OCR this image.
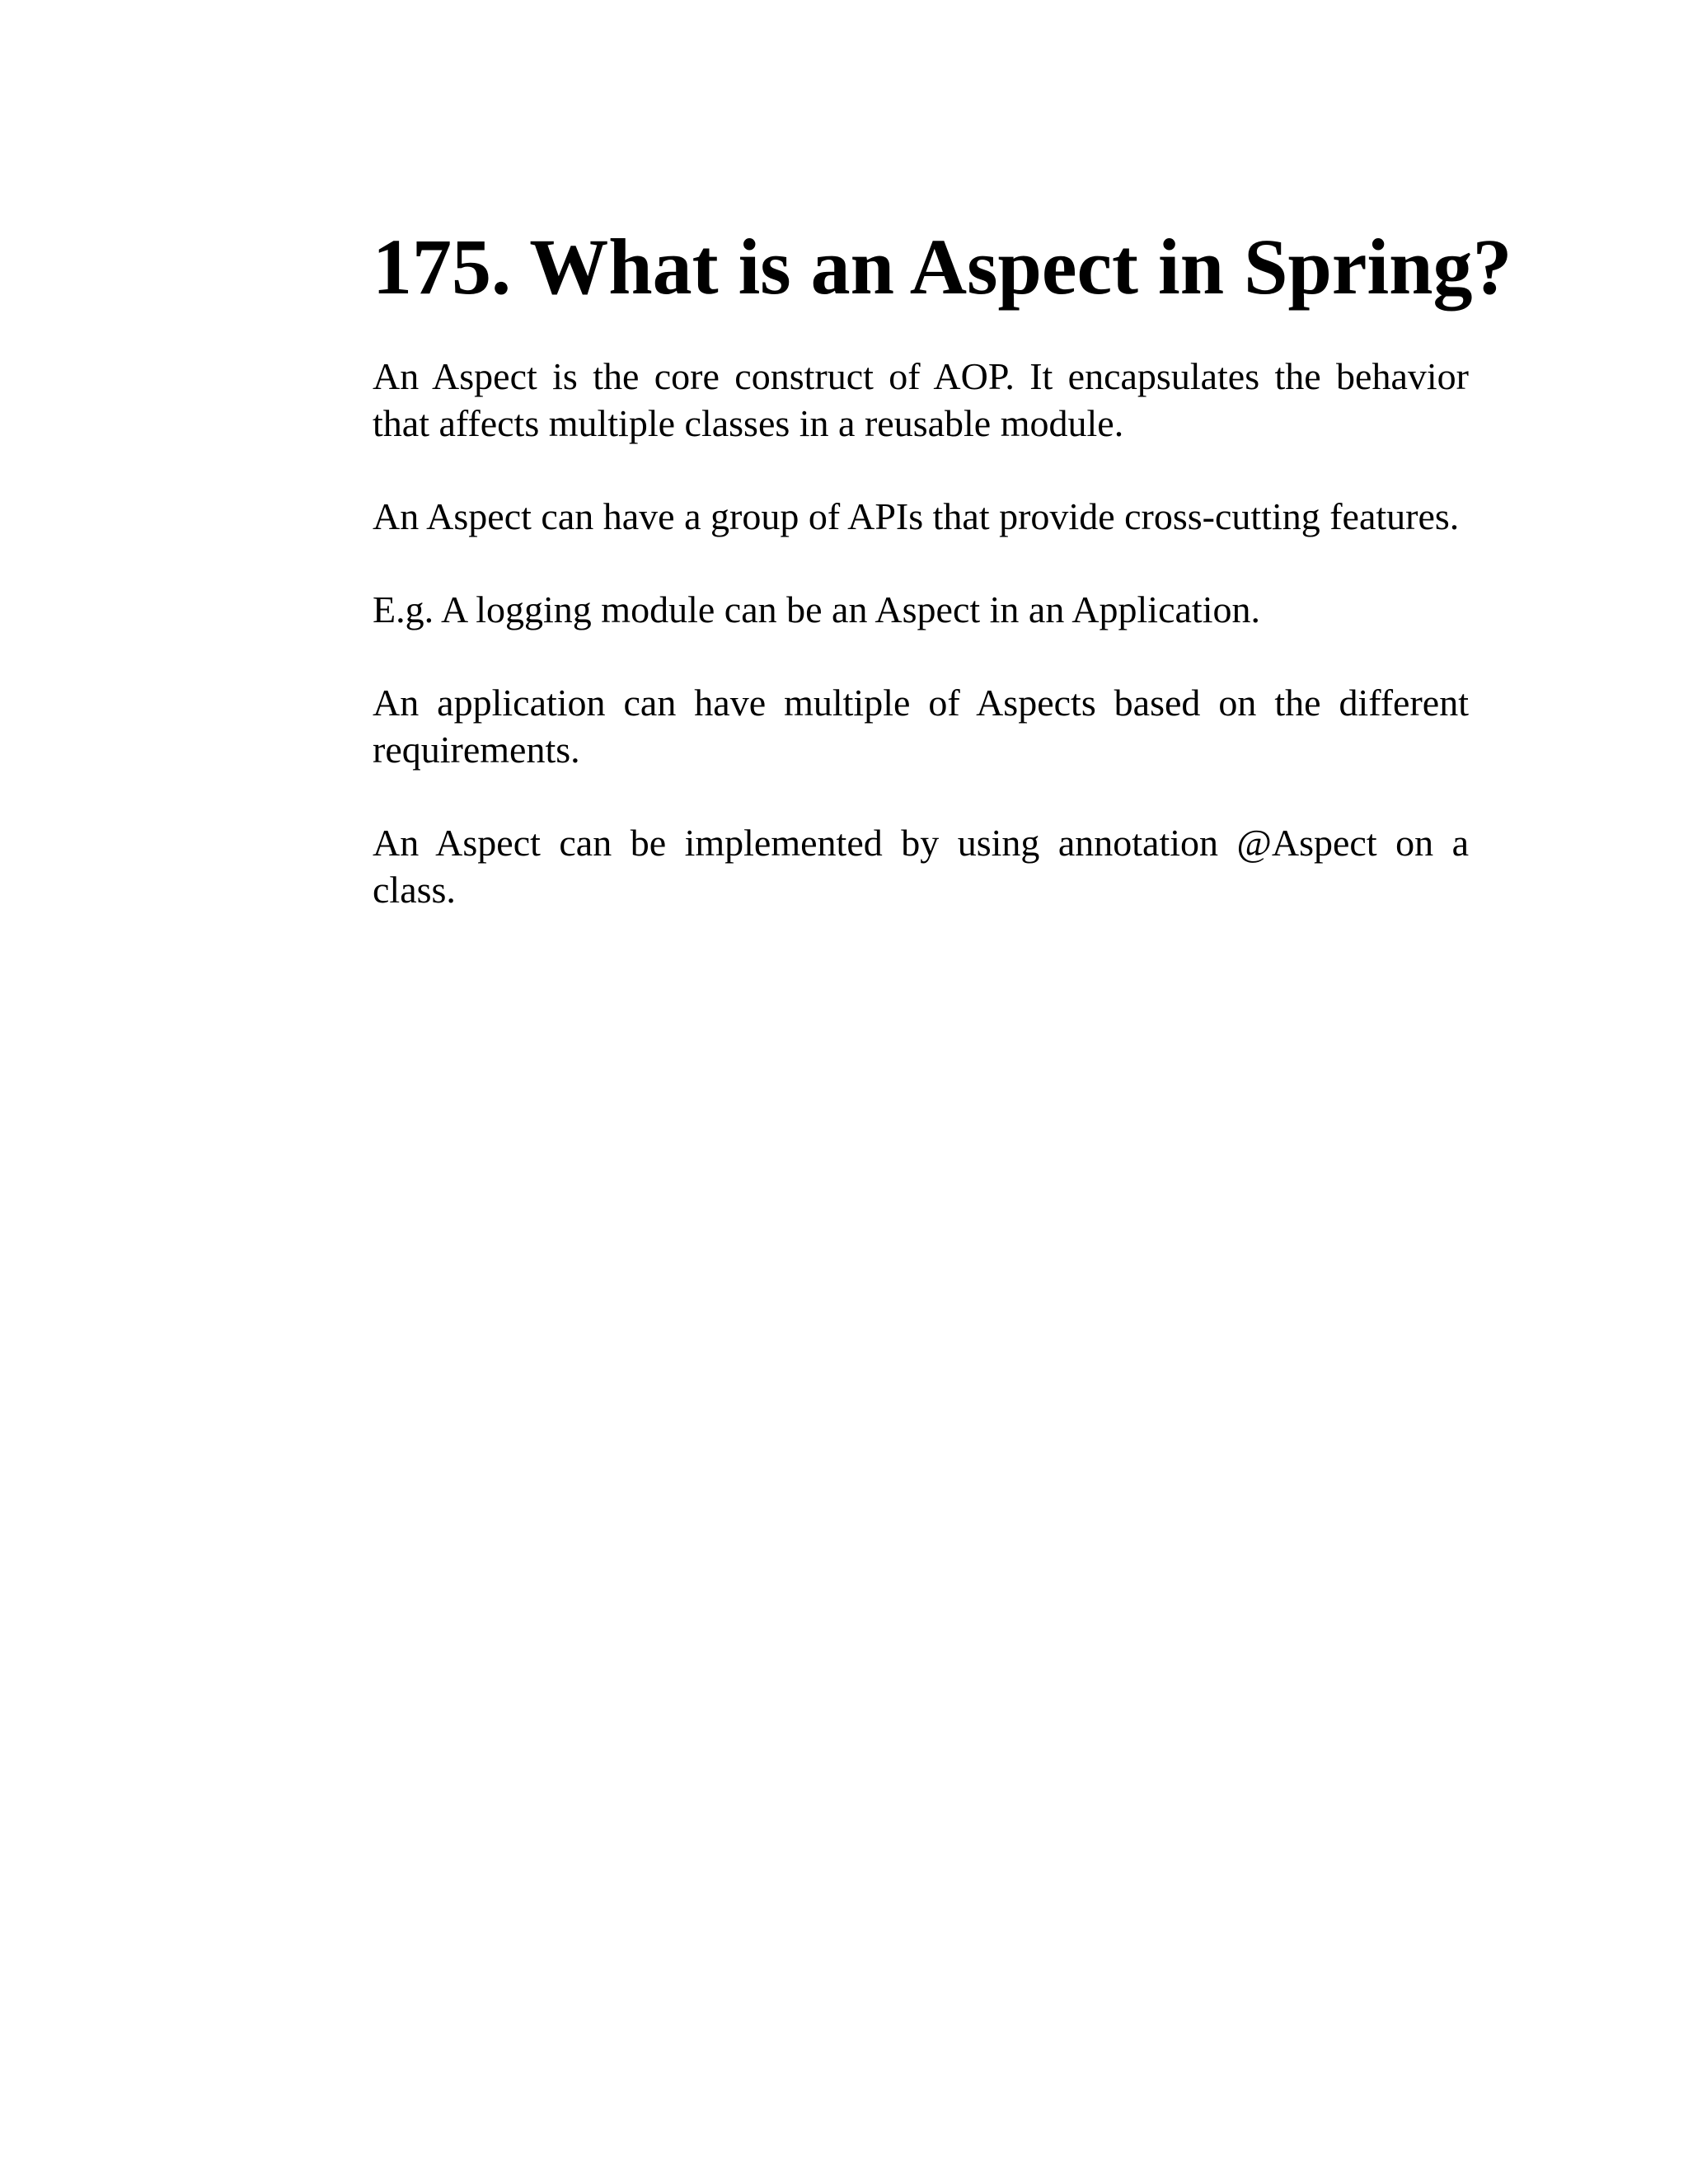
175. What is an Aspect in Spring?

An Aspect is the core construct of AOP. It encapsulates the behavior that affects multiple classes in a reusable module.

An Aspect can have a group of APIs that provide cross-cutting features.

E.g. A logging module can be an Aspect in an Application.

An application can have multiple of Aspects based on the different requirements.

An Aspect can be implemented by using annotation @Aspect on a class.
